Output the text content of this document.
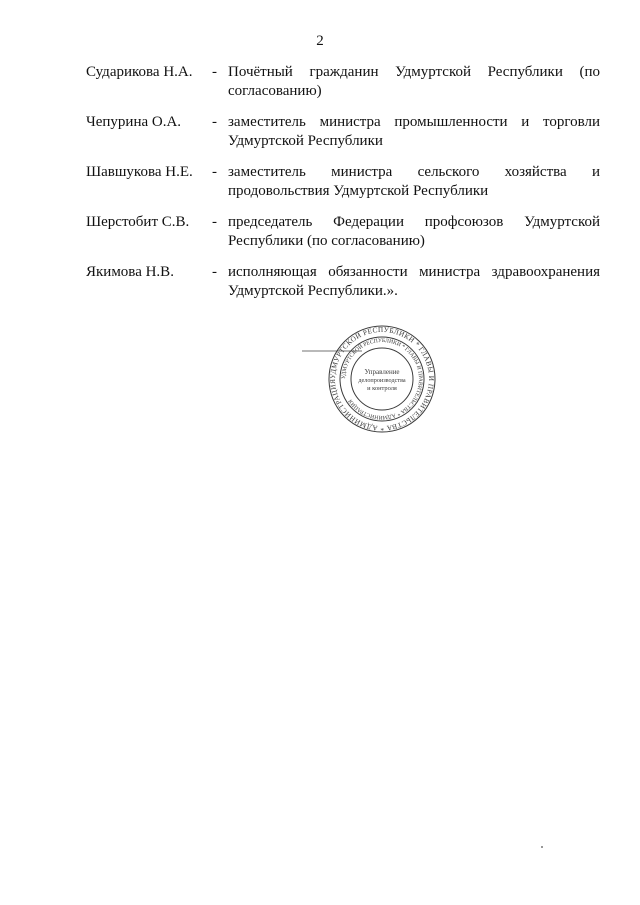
2
Сударикова Н.А.	- Почётный гражданин Удмуртской Республики (по
согласованию)
Чепурина О.А.	- заместитель министра промышленности и торговли
Удмуртской Республики
Шавшукова Н.Е.	- заместитель министра сельского хозяйства и
продовольствия Удмуртской Республики
Шерстобит С.В.	- председатель Федерации профсоюзов Удмуртской
Республики (по согласованию)
Якимова Н.В.	- исполняющая обязанности министра здравоохранения
Удмуртской Республики.».
УДМУРТСКОЙ РЕСПУБЛИКИ * ГЛАВЫ И ПРАВИТЕЛЬСТВА * АДМИНИСТРАЦИЯ
УДМУРТСКОЙ РЕСПУБЛИКИ * ГЛАВЫ И ПРАВИТЕЛЬСТВА * АДМИНИСТРАЦИЯ
Управление
делопроизводства
и контроля
